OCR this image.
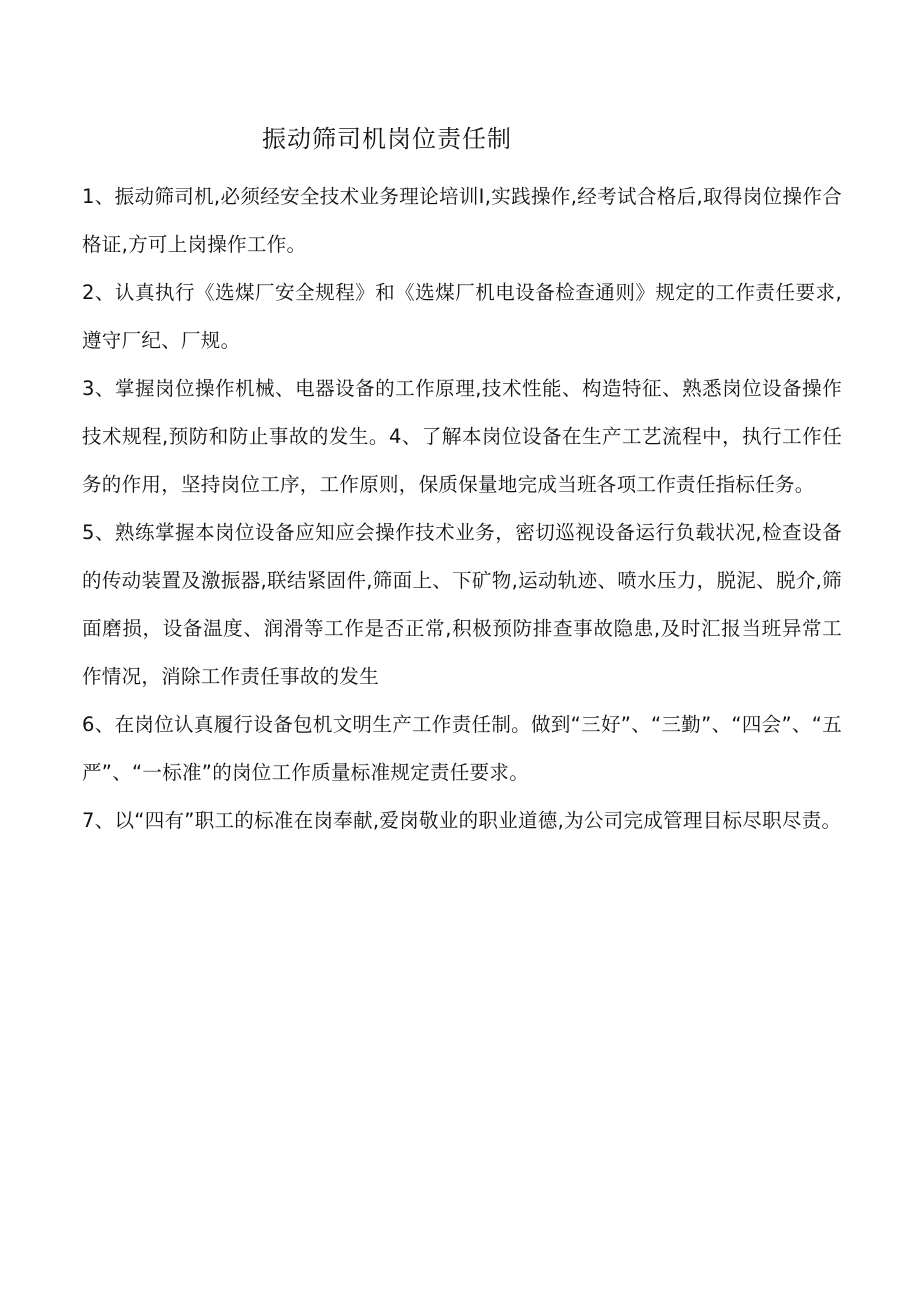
振动筛司机岗位责任制

1、振动筛司机,必须经安全技术业务理论培训I,实践操作,经考试合格后,取得岗位操作合格证,方可上岗操作工作。

2、认真执行《选煤厂安全规程》和《选煤厂机电设备检查通则》规定的工作责任要求,遵守厂纪、厂规。

3、掌握岗位操作机械、电器设备的工作原理,技术性能、构造特征、熟悉岗位设备操作技术规程,预防和防止事故的发生。4、了解本岗位设备在生产工艺流程中，执行工作任务的作用，坚持岗位工序，工作原则，保质保量地完成当班各项工作责任指标任务。

5、熟练掌握本岗位设备应知应会操作技术业务，密切巡视设备运行负载状况,检查设备的传动装置及激振器,联结紧固件,筛面上、下矿物,运动轨迹、喷水压力，脱泥、脱介,筛面磨损，设备温度、润滑等工作是否正常,积极预防排查事故隐患,及时汇报当班异常工作情况，消除工作责任事故的发生

6、在岗位认真履行设备包机文明生产工作责任制。做到“三好”、“三勤”、“四会”、“五严”、“一标准”的岗位工作质量标准规定责任要求。

7、以“四有”职工的标准在岗奉献,爱岗敬业的职业道德,为公司完成管理目标尽职尽责。
